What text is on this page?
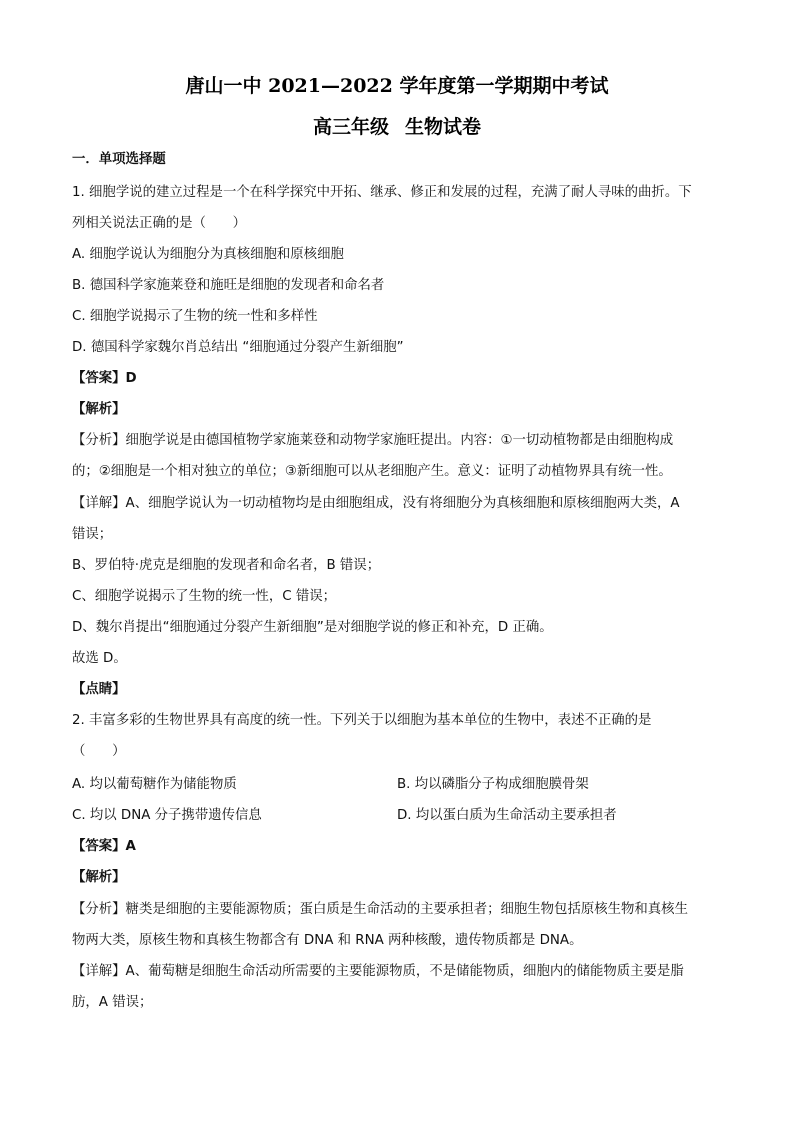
唐山一中 2021—2022 学年度第一学期期中考试
高三年级 生物试卷
一．单项选择题
1. 细胞学说的建立过程是一个在科学探究中开拓、继承、修正和发展的过程，充满了耐人寻味的曲折。下
列相关说法正确的是（　　）
A. 细胞学说认为细胞分为真核细胞和原核细胞
B. 德国科学家施莱登和施旺是细胞的发现者和命名者
C. 细胞学说揭示了生物的统一性和多样性
D. 德国科学家魏尔肖总结出 “细胞通过分裂产生新细胞”
【答案】D
【解析】
【分析】细胞学说是由德国植物学家施莱登和动物学家施旺提出。内容：①一切动植物都是由细胞构成
的；②细胞是一个相对独立的单位；③新细胞可以从老细胞产生。意义：证明了动植物界具有统一性。
【详解】A、细胞学说认为一切动植物均是由细胞组成，没有将细胞分为真核细胞和原核细胞两大类，A
错误；
B、罗伯特·虎克是细胞的发现者和命名者，B 错误；
C、细胞学说揭示了生物的统一性，C 错误；
D、魏尔肖提出“细胞通过分裂产生新细胞”是对细胞学说的修正和补充，D 正确。
故选 D。
【点睛】
2. 丰富多彩的生物世界具有高度的统一性。下列关于以细胞为基本单位的生物中，表述不正确的是
（　　）
A. 均以葡萄糖作为储能物质	B. 均以磷脂分子构成细胞膜骨架
C. 均以 DNA 分子携带遗传信息	D. 均以蛋白质为生命活动主要承担者
【答案】A
【解析】
【分析】糖类是细胞的主要能源物质；蛋白质是生命活动的主要承担者；细胞生物包括原核生物和真核生
物两大类，原核生物和真核生物都含有 DNA 和 RNA 两种核酸，遗传物质都是 DNA。
【详解】A、葡萄糖是细胞生命活动所需要的主要能源物质，不是储能物质，细胞内的储能物质主要是脂
肪，A 错误；
